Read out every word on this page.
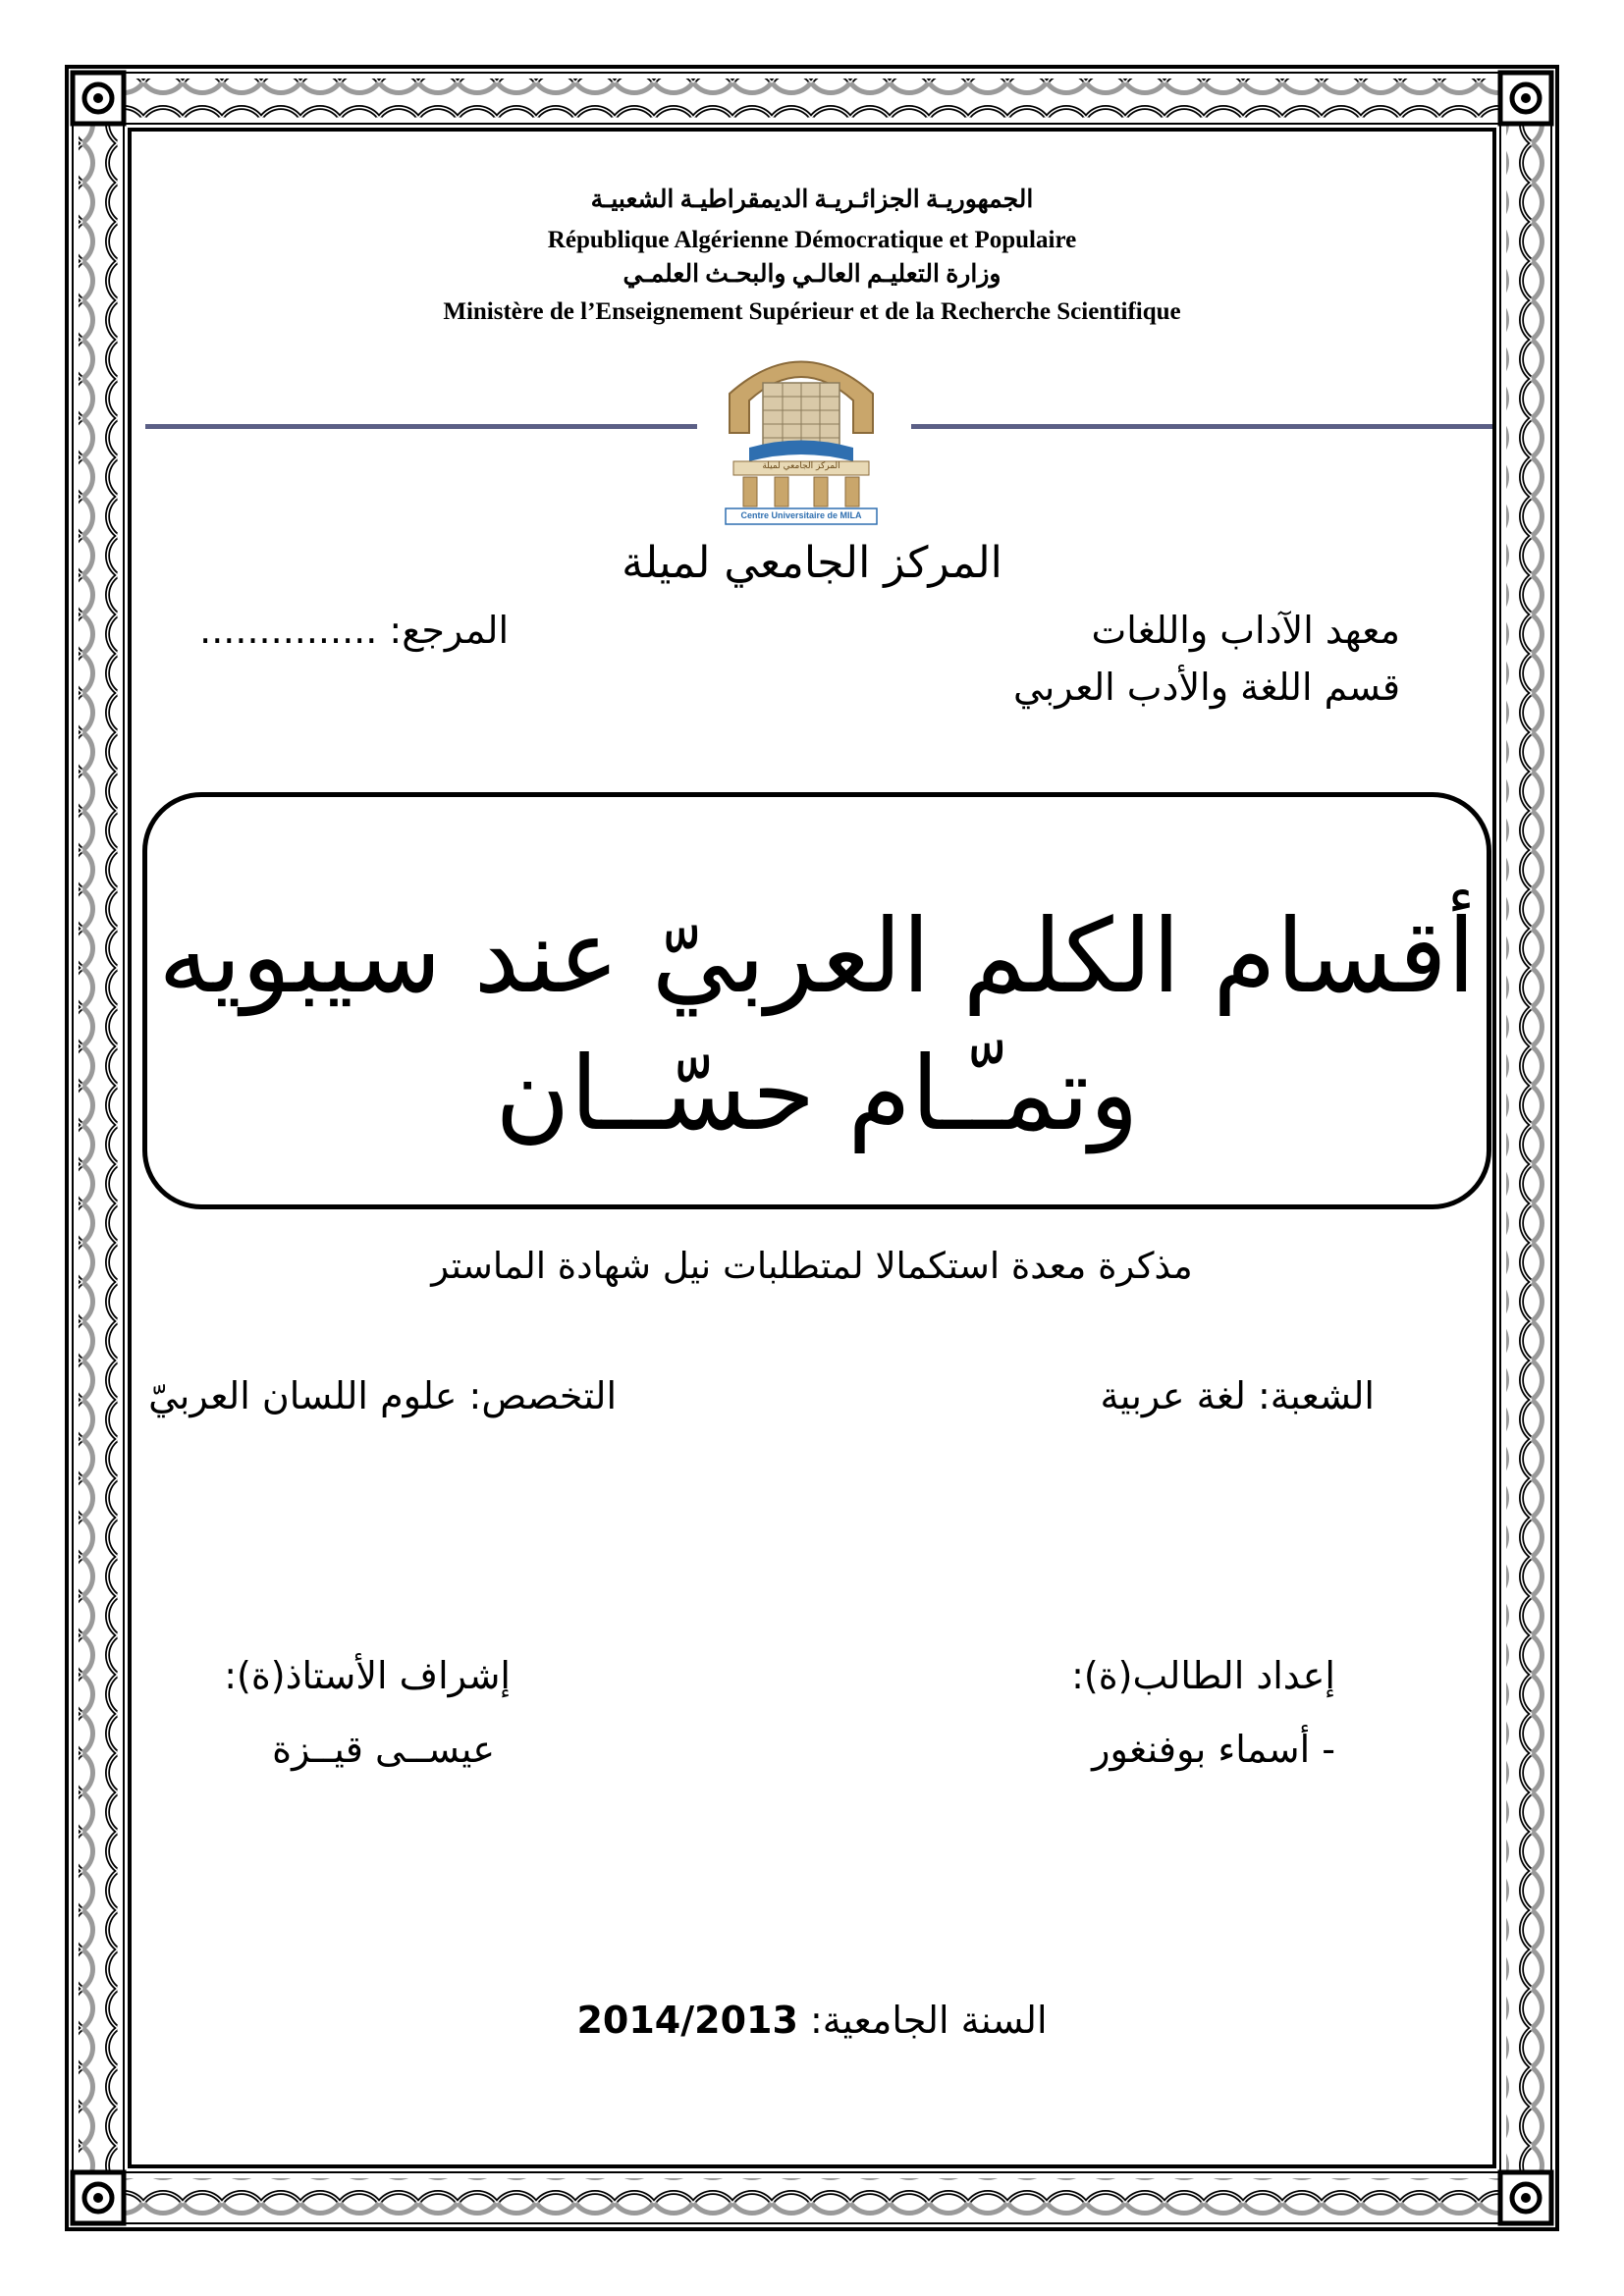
الجمهوريـة الجزائـريـة الديمقراطيـة الشعبيـة
République Algérienne Démocratique et Populaire
وزارة التعليـم العالـي والبحـث العلمـي
Ministère de l’Enseignement Supérieur et de la Recherche Scientifique
المركز الجامعي لميلة
Centre Universitaire de MILA
المركز الجامعي لميلة
معهد الآداب واللغات
قسم اللغة والأدب العربي
المرجع: ...............
أقسام الكلم العربيّ عند سيبويه
وتمـّـام حسّــان
مذكرة معدة استكمالا لمتطلبات نيل شهادة الماستر
الشعبة: لغة عربية
التخصص: علوم اللسان العربيّ
إعداد الطالب(ة):
- أسماء بوفنغور
إشراف الأستاذ(ة):
عيســى قيــزة
السنة الجامعية: 2014/2013
